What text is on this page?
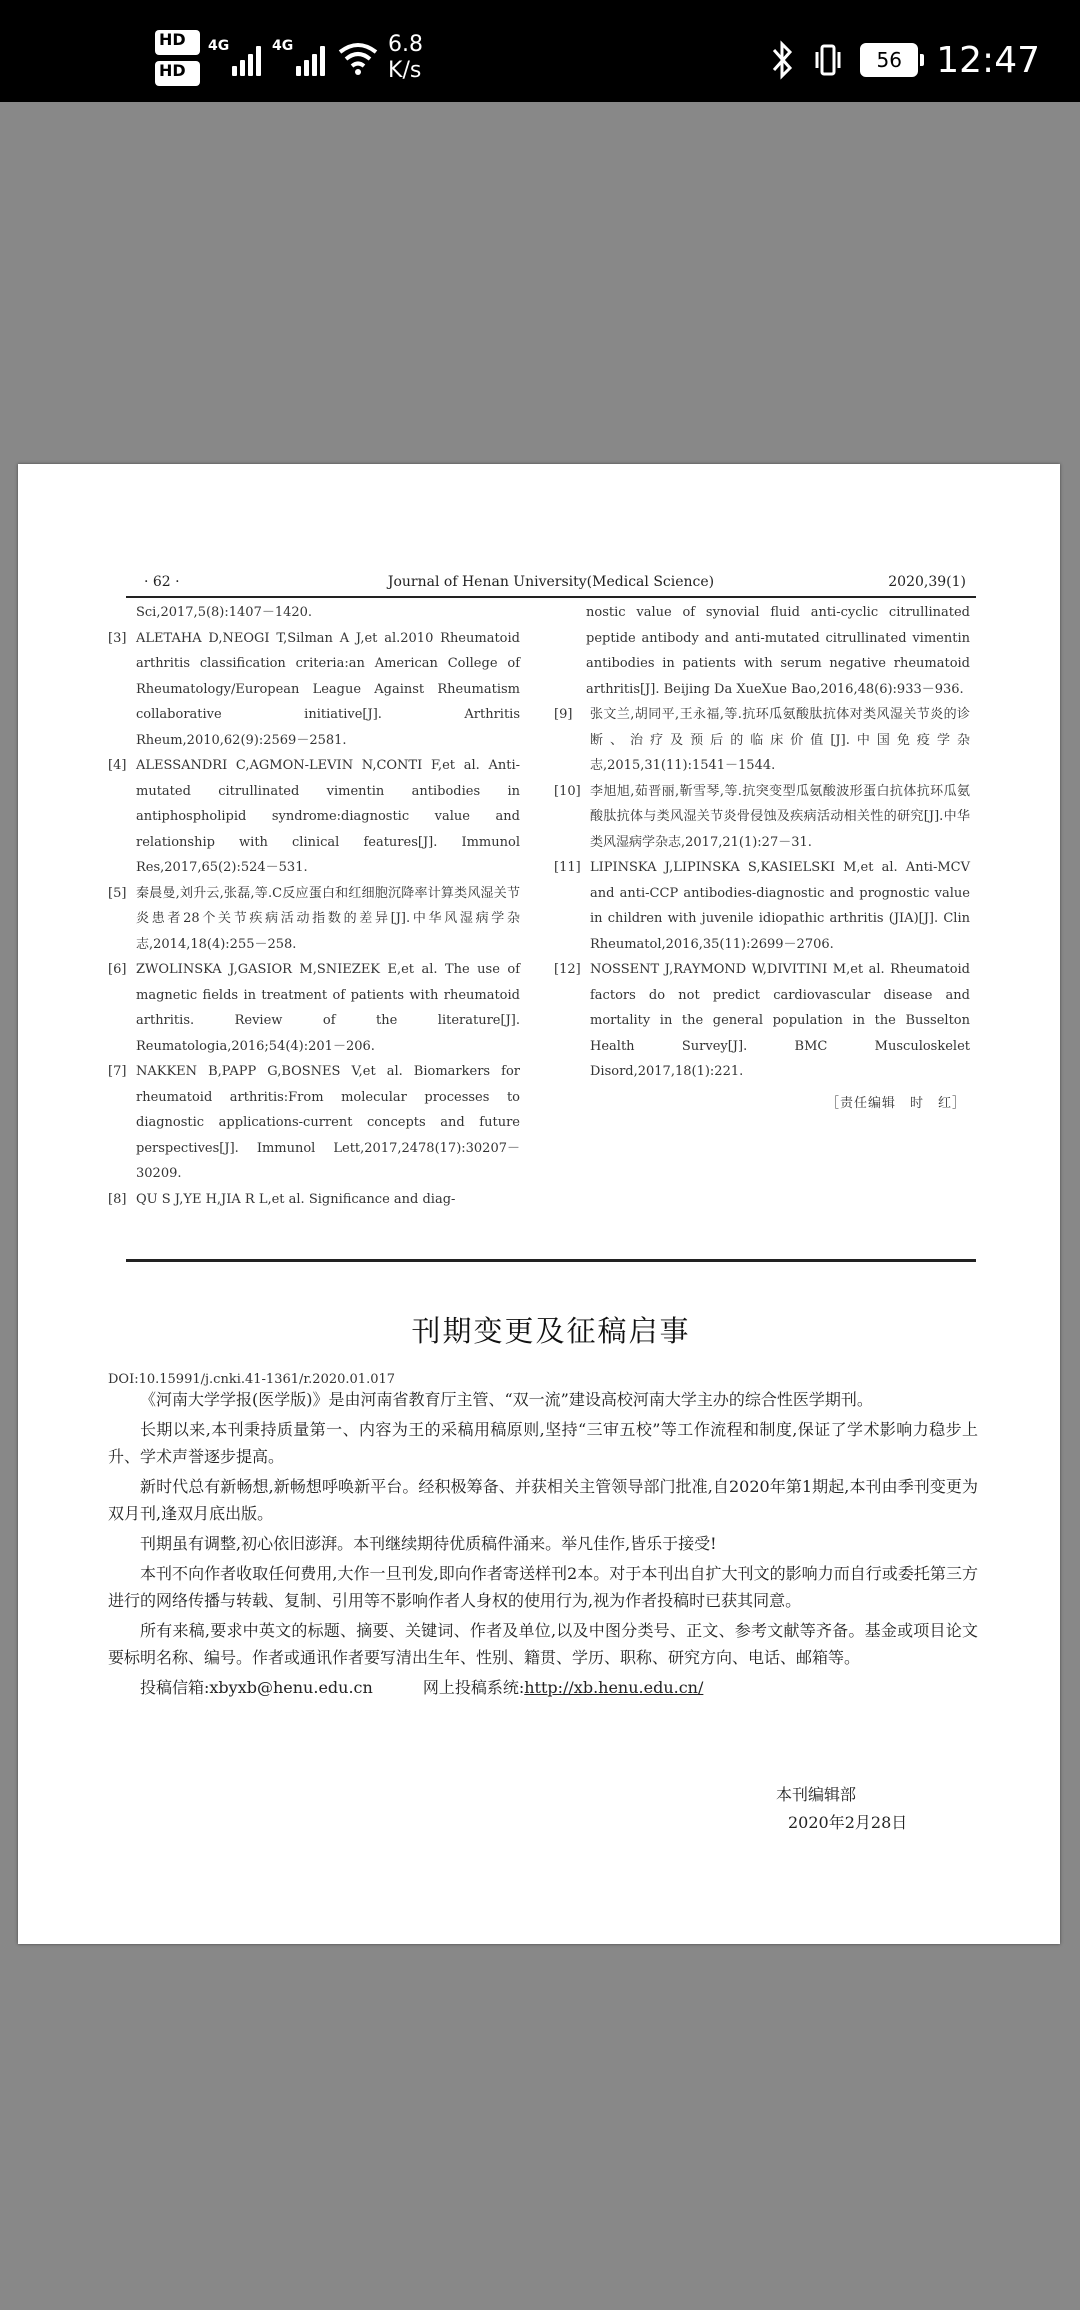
HD $_1$
HD $_2$
4G	4G	6.8
K/s	56 12:47
· 62 ·	Journal of Henan University(Medical Science)	2020,39(1)

Sci,2017,5(8):1407－1420.

[3] ALETAHA D,NEOGI T,Silman A J,et al.2010 Rheumatoid arthritis classification criteria:an American College of Rheumatology/European League Against Rheumatism collaborative initiative[J]. Arthritis Rheum,2010,62(9):2569－2581.

[4] ALESSANDRI C,AGMON-LEVIN N,CONTI F,et al. Anti-mutated citrullinated vimentin antibodies in antiphospholipid syndrome:diagnostic value and relationship with clinical features[J]. Immunol Res,2017,65(2):524－531.

[5] 秦晨曼,刘升云,张磊,等.C反应蛋白和红细胞沉降率计算类风湿关节炎患者28个关节疾病活动指数的差异[J].中华风湿病学杂志,2014,18(4):255－258.

[6] ZWOLINSKA J,GASIOR M,SNIEZEK E,et al. The use of magnetic fields in treatment of patients with rheumatoid arthritis. Review of the literature[J]. Reumatologia,2016;54(4):201－206.

[7] NAKKEN B,PAPP G,BOSNES V,et al. Biomarkers for rheumatoid arthritis:From molecular processes to diagnostic applications-current concepts and future perspectives[J]. Immunol Lett,2017,2478(17):30207－30209.

[8] QU S J,YE H,JIA R L,et al. Significance and diag-

nostic value of synovial fluid anti-cyclic citrullinated peptide antibody and anti-mutated citrullinated vimentin antibodies in patients with serum negative rheumatoid arthritis[J]. Beijing Da XueXue Bao,2016,48(6):933－936.

[9] 张文兰,胡同平,王永福,等.抗环瓜氨酸肽抗体对类风湿关节炎的诊断、治疗及预后的临床价值[J].中国免疫学杂志,2015,31(11):1541－1544.

[10] 李旭旭,茹晋丽,靳雪琴,等.抗突变型瓜氨酸波形蛋白抗体抗环瓜氨酸肽抗体与类风湿关节炎骨侵蚀及疾病活动相关性的研究[J].中华类风湿病学杂志,2017,21(1):27－31.

[11] LIPINSKA J,LIPINSKA S,KASIELSKI M,et al. Anti-MCV and anti-CCP antibodies-diagnostic and prognostic value in children with juvenile idiopathic arthritis (JIA)[J]. Clin Rheumatol,2016,35(11):2699－2706.

[12] NOSSENT J,RAYMOND W,DIVITINI M,et al. Rheumatoid factors do not predict cardiovascular disease and mortality in the general population in the Busselton Health Survey[J]. BMC Musculoskelet Disord,2017,18(1):221.

［责任编辑　时　红］

刊期变更及征稿启事
DOI:10.15991/j.cnki.41-1361/r.2020.01.017

《河南大学学报(医学版)》是由河南省教育厅主管、“双一流”建设高校河南大学主办的综合性医学期刊。

长期以来,本刊秉持质量第一、内容为王的采稿用稿原则,坚持“三审五校”等工作流程和制度,保证了学术影响力稳步上升、学术声誉逐步提高。

新时代总有新畅想,新畅想呼唤新平台。经积极筹备、并获相关主管领导部门批准,自2020年第1期起,本刊由季刊变更为双月刊,逢双月底出版。

刊期虽有调整,初心依旧澎湃。本刊继续期待优质稿件涌来。举凡佳作,皆乐于接受!

本刊不向作者收取任何费用,大作一旦刊发,即向作者寄送样刊2本。对于本刊出自扩大刊文的影响力而自行或委托第三方进行的网络传播与转载、复制、引用等不影响作者人身权的使用行为,视为作者投稿时已获其同意。

所有来稿,要求中英文的标题、摘要、关键词、作者及单位,以及中图分类号、正文、参考文献等齐备。基金或项目论文要标明名称、编号。作者或通讯作者要写清出生年、性别、籍贯、学历、职称、研究方向、电话、邮箱等。

投稿信箱:xbyxb@henu.edu.cn	网上投稿系统:http://xb.henu.edu.cn/

本刊编辑部
2020年2月28日
